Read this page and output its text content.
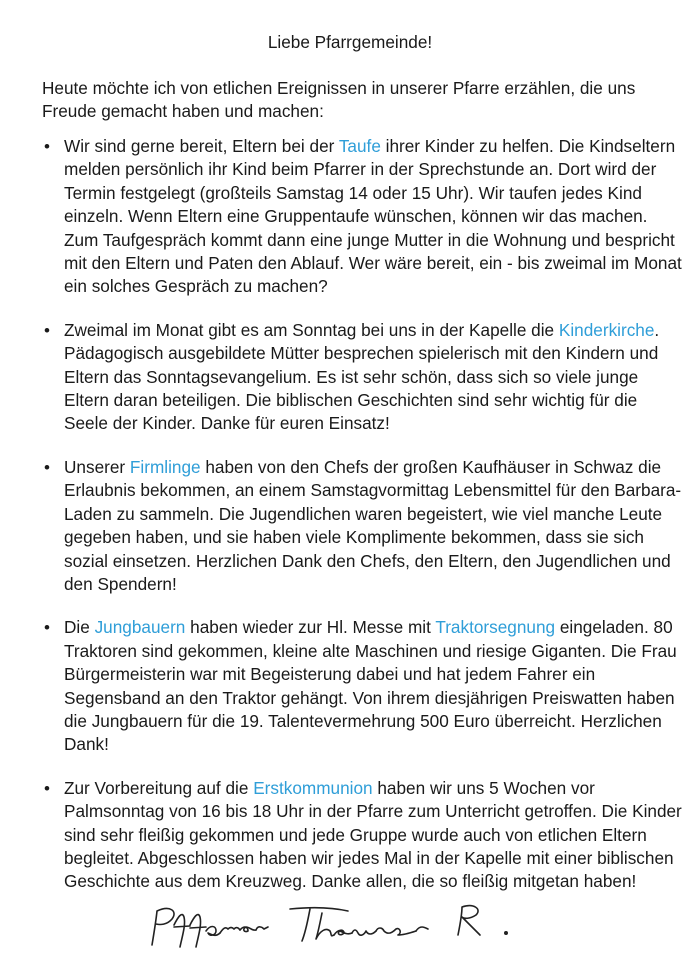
Liebe Pfarrgemeinde!

Heute möchte ich von etlichen Ereignissen in unserer Pfarre erzählen, die uns Freude gemacht haben und machen:

• Wir sind gerne bereit, Eltern bei der Taufe ihrer Kinder zu helfen. Die Kindseltern melden persönlich ihr Kind beim Pfarrer in der Sprechstunde an. Dort wird der Termin festgelegt (großteils Samstag 14 oder 15 Uhr). Wir taufen jedes Kind einzeln. Wenn Eltern eine Gruppentaufe wünschen, können wir das machen. Zum Taufgespräch kommt dann eine junge Mutter in die Wohnung und bespricht mit den Eltern und Paten den Ablauf. Wer wäre bereit, ein - bis zweimal im Monat ein solches Gespräch zu machen?

• Zweimal im Monat gibt es am Sonntag bei uns in der Kapelle die Kinderkirche. Pädagogisch ausgebildete Mütter besprechen spielerisch mit den Kindern und Eltern das Sonntagsevangelium. Es ist sehr schön, dass sich so viele junge Eltern daran beteiligen. Die biblischen Geschichten sind sehr wichtig für die Seele der Kinder. Danke für euren Einsatz!

• Unserer Firmlinge haben von den Chefs der großen Kaufhäuser in Schwaz die Erlaubnis bekommen, an einem Samstagvormittag Lebensmittel für den Barbara-Laden zu sammeln. Die Jugendlichen waren begeistert, wie viel manche Leute gegeben haben, und sie haben viele Komplimente bekommen, dass sie sich sozial einsetzen. Herzlichen Dank den Chefs, den Eltern, den Jugendlichen und den Spendern!

• Die Jungbauern haben wieder zur Hl. Messe mit Traktorsegnung eingeladen. 80 Traktoren sind gekommen, kleine alte Maschinen und riesige Giganten. Die Frau Bürgermeisterin war mit Begeisterung dabei und hat jedem Fahrer ein Segensband an den Traktor gehängt. Von ihrem diesjährigen Preiswatten haben die Jungbauern für die 19. Talentevermehrung 500 Euro überreicht. Herzlichen Dank!

• Zur Vorbereitung auf die Erstkommunion haben wir uns 5 Wochen vor Palmsonntag von 16 bis 18 Uhr in der Pfarre zum Unterricht getroffen. Die Kinder sind sehr fleißig gekommen und jede Gruppe wurde auch von etlichen Eltern begleitet. Abgeschlossen haben wir jedes Mal in der Kapelle mit einer biblischen Geschichte aus dem Kreuzweg. Danke allen, die so fleißig mitgetan haben!
